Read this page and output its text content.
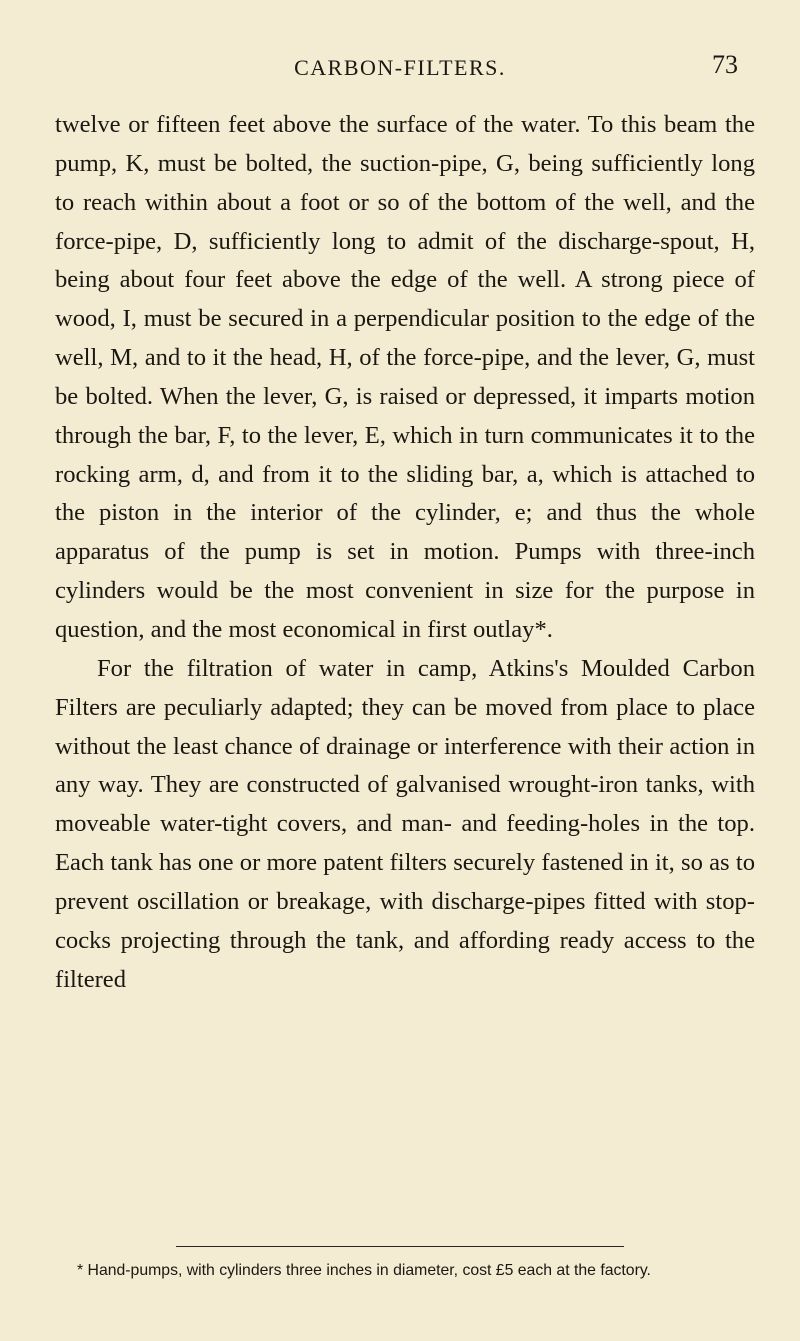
CARBON-FILTERS.	73

twelve or fifteen feet above the surface of the water. To this beam the pump, K, must be bolted, the suction-pipe, G, being sufficiently long to reach within about a foot or so of the bottom of the well, and the force-pipe, D, sufficiently long to admit of the discharge-spout, H, being about four feet above the edge of the well. A strong piece of wood, I, must be secured in a perpendicular position to the edge of the well, M, and to it the head, H, of the force-pipe, and the lever, G, must be bolted. When the lever, G, is raised or depressed, it imparts motion through the bar, F, to the lever, E, which in turn communicates it to the rocking arm, d, and from it to the sliding bar, a, which is attached to the piston in the interior of the cylinder, e; and thus the whole apparatus of the pump is set in motion. Pumps with three-inch cylinders would be the most convenient in size for the purpose in question, and the most economical in first outlay*.

For the filtration of water in camp, Atkins's Moulded Carbon Filters are peculiarly adapted; they can be moved from place to place without the least chance of drainage or interference with their action in any way. They are constructed of galvanised wrought-iron tanks, with moveable water-tight covers, and man- and feeding-holes in the top. Each tank has one or more patent filters securely fastened in it, so as to prevent oscillation or breakage, with discharge-pipes fitted with stop-cocks projecting through the tank, and affording ready access to the filtered

* Hand-pumps, with cylinders three inches in diameter, cost £5 each at the factory.
